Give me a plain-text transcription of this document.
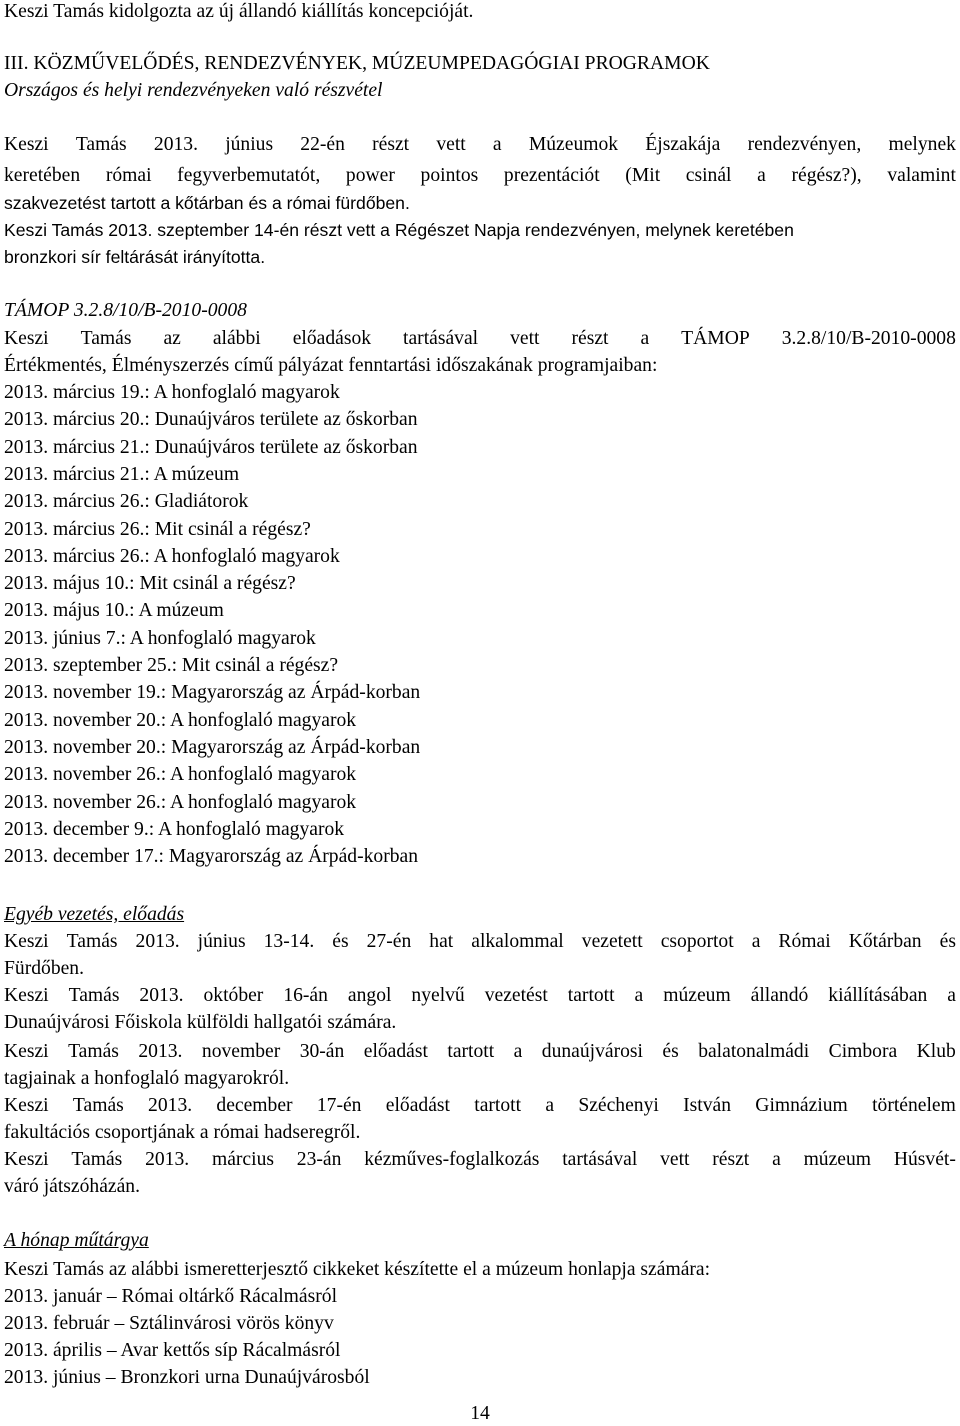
Keszi Tamás kidolgozta az új állandó kiállítás koncepcióját.
III. KÖZMŰVELŐDÉS, RENDEZVÉNYEK, MÚZEUMPEDAGÓGIAI PROGRAMOK
Országos és helyi rendezvényeken való részvétel
Keszi Tamás 2013. június 22-én részt vett a Múzeumok Éjszakája rendezvényen, melynek
keretében római fegyverbemutatót, power pointos prezentációt (Mit csinál a régész?), valamint
szakvezetést tartott a kőtárban és a római fürdőben.
Keszi Tamás 2013. szeptember 14-én részt vett a Régészet Napja rendezvényen, melynek keretében
bronzkori sír feltárását irányította.
TÁMOP 3.2.8/10/B-2010-0008
Keszi Tamás az alábbi előadások tartásával vett részt a TÁMOP 3.2.8/10/B-2010-0008
Értékmentés, Élményszerzés című pályázat fenntartási időszakának programjaiban:
2013. március 19.: A honfoglaló magyarok
2013. március 20.: Dunaújváros területe az őskorban
2013. március 21.: Dunaújváros területe az őskorban
2013. március 21.: A múzeum
2013. március 26.: Gladiátorok
2013. március 26.: Mit csinál a régész?
2013. március 26.: A honfoglaló magyarok
2013. május 10.: Mit csinál a régész?
2013. május 10.: A múzeum
2013. június 7.: A honfoglaló magyarok
2013. szeptember 25.: Mit csinál a régész?
2013. november 19.: Magyarország az Árpád-korban
2013. november 20.: A honfoglaló magyarok
2013. november 20.: Magyarország az Árpád-korban
2013. november 26.: A honfoglaló magyarok
2013. november 26.: A honfoglaló magyarok
2013. december 9.: A honfoglaló magyarok
2013. december 17.: Magyarország az Árpád-korban
Egyéb vezetés, előadás
Keszi Tamás 2013. június 13-14. és 27-én hat alkalommal vezetett csoportot a Római Kőtárban és
Fürdőben.
Keszi Tamás 2013. október 16-án angol nyelvű vezetést tartott a múzeum állandó kiállításában a
Dunaújvárosi Főiskola külföldi hallgatói számára.
Keszi Tamás 2013. november 30-án előadást tartott a dunaújvárosi és balatonalmádi Cimbora Klub
tagjainak a honfoglaló magyarokról.
Keszi Tamás 2013. december 17-én előadást tartott a Széchenyi István Gimnázium történelem
fakultációs csoportjának a római hadseregről.
Keszi Tamás 2013. március 23-án kézműves-foglalkozás tartásával vett részt a múzeum Húsvét-
váró játszóházán.
A hónap műtárgya
Keszi Tamás az alábbi ismeretterjesztő cikkeket készítette el a múzeum honlapja számára:
2013. január – Római oltárkő Rácalmásról
2013. február – Sztálinvárosi vörös könyv
2013. április – Avar kettős síp Rácalmásról
2013. június – Bronzkori urna Dunaújvárosból
14
